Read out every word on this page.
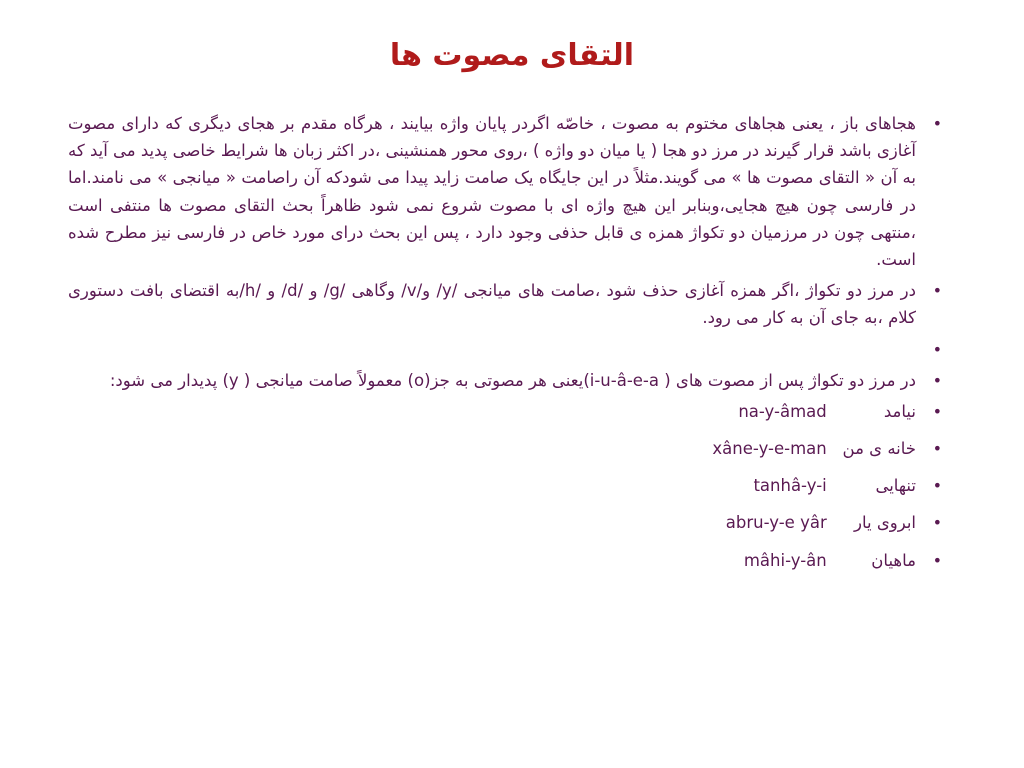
التقای مصوت ها
•
هجاهای باز ، یعنی هجاهای مختوم به مصوت ، خاصّه اگردر پایان واژه بیایند ، هرگاه مقدم بر هجای دیگری که دارای مصوت آغازی باشد قرار گیرند در مرز دو هجا ( یا میان دو واژه ) ،روی محور همنشینی ،در اکثر زبان ها شرایط خاصی پدید می آید که به آن « التقای مصوت ها » می گویند.مثلاً در این جایگاه یک صامت زاید پیدا می شودکه آن راصامت « میانجی » می نامند.اما در فارسی چون هیچ هجایی،وبنابر این هیچ واژه ای با مصوت شروع نمی شود ظاهراً بحث التقای مصوت ها منتفی است ،منتهی چون در مرزمیان دو تکواژ همزه ی قابل حذفی وجود دارد ، پس این بحث درای مورد خاص در فارسی نیز مطرح شده است.
•
در مرز دو تکواژ ،اگر همزه آغازی حذف شود ،صامت های میانجی /y/ و/v/ وگاهی /g/ و /d/ و /h/به اقتضای بافت دستوری کلام ،به جای آن به کار می رود.
•
•
در مرز دو تکواژ پس از مصوت های ( i-u-â-e-a)یعنی هر مصوتی به جز(o) معمولاً صامت میانجی ( y) پدیدار می شود:
•
نیامد na-y-âmad
•
خانه ی من xâne-y-e-man
•
تنهایی tanhâ-y-i
•
ابروی یار abru-y-e yâr
•
ماهیان mâhi-y-ân
